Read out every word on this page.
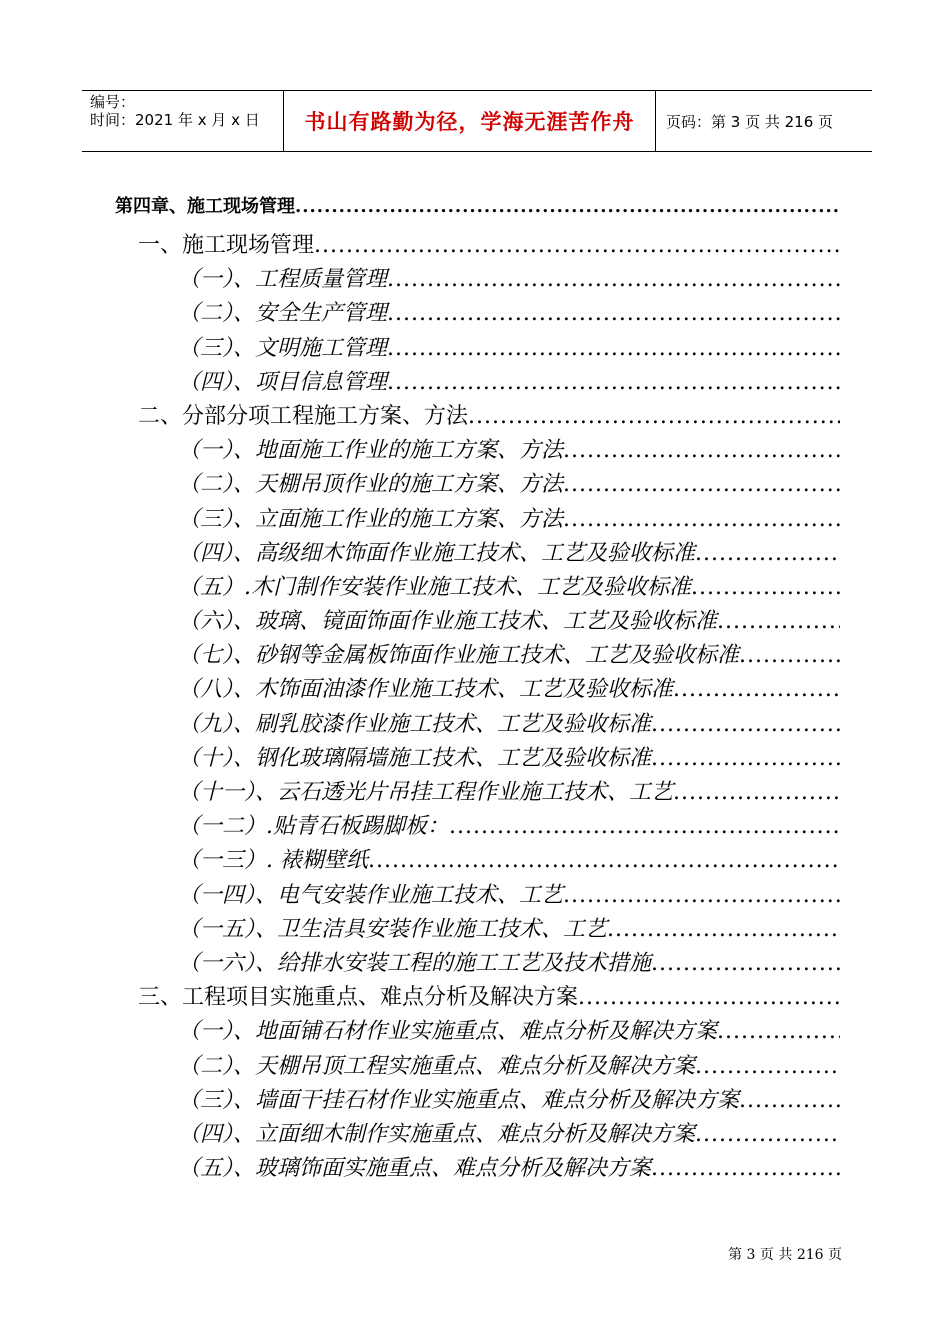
编号：
时间：2021 年 x 月 x 日	书山有路勤为径，学海无涯苦作舟	页码：第 3 页 共 216 页
第四章、施工现场管理
.....
一、施工现场管理
.....
（一）、工程质量管理
.....
（二）、安全生产管理
.....
（三）、文明施工管理
.....
（四）、项目信息管理
.....
二、分部分项工程施工方案、方法
.....
（一）、地面施工作业的施工方案、方法
.....
（二）、天棚吊顶作业的施工方案、方法
.....
（三）、立面施工作业的施工方案、方法
.....
（四）、高级细木饰面作业施工技术、工艺及验收标准
.....
（五）.木门制作安装作业施工技术、工艺及验收标准
.....
（六）、玻璃、镜面饰面作业施工技术、工艺及验收标准
.....
（七）、砂钢等金属板饰面作业施工技术、工艺及验收标准
.....
（八）、木饰面油漆作业施工技术、工艺及验收标准
.....
（九）、刷乳胶漆作业施工技术、工艺及验收标准
.....
（十）、钢化玻璃隔墙施工技术、工艺及验收标准
.....
（十一）、云石透光片吊挂工程作业施工技术、工艺
.....
（一二）.贴青石板踢脚板：
.....
（一三）. 裱糊壁纸
.....
（一四）、电气安装作业施工技术、工艺
.....
（一五）、卫生洁具安装作业施工技术、工艺
.....
（一六）、给排水安装工程的施工工艺及技术措施
.....
三、工程项目实施重点、难点分析及解决方案
.....
（一）、地面铺石材作业实施重点、难点分析及解决方案
.....
（二）、天棚吊顶工程实施重点、难点分析及解决方案
.....
（三）、墙面干挂石材作业实施重点、难点分析及解决方案
.....
（四）、立面细木制作实施重点、难点分析及解决方案
.....
（五）、玻璃饰面实施重点、难点分析及解决方案
.....
第 3 页 共 216 页
